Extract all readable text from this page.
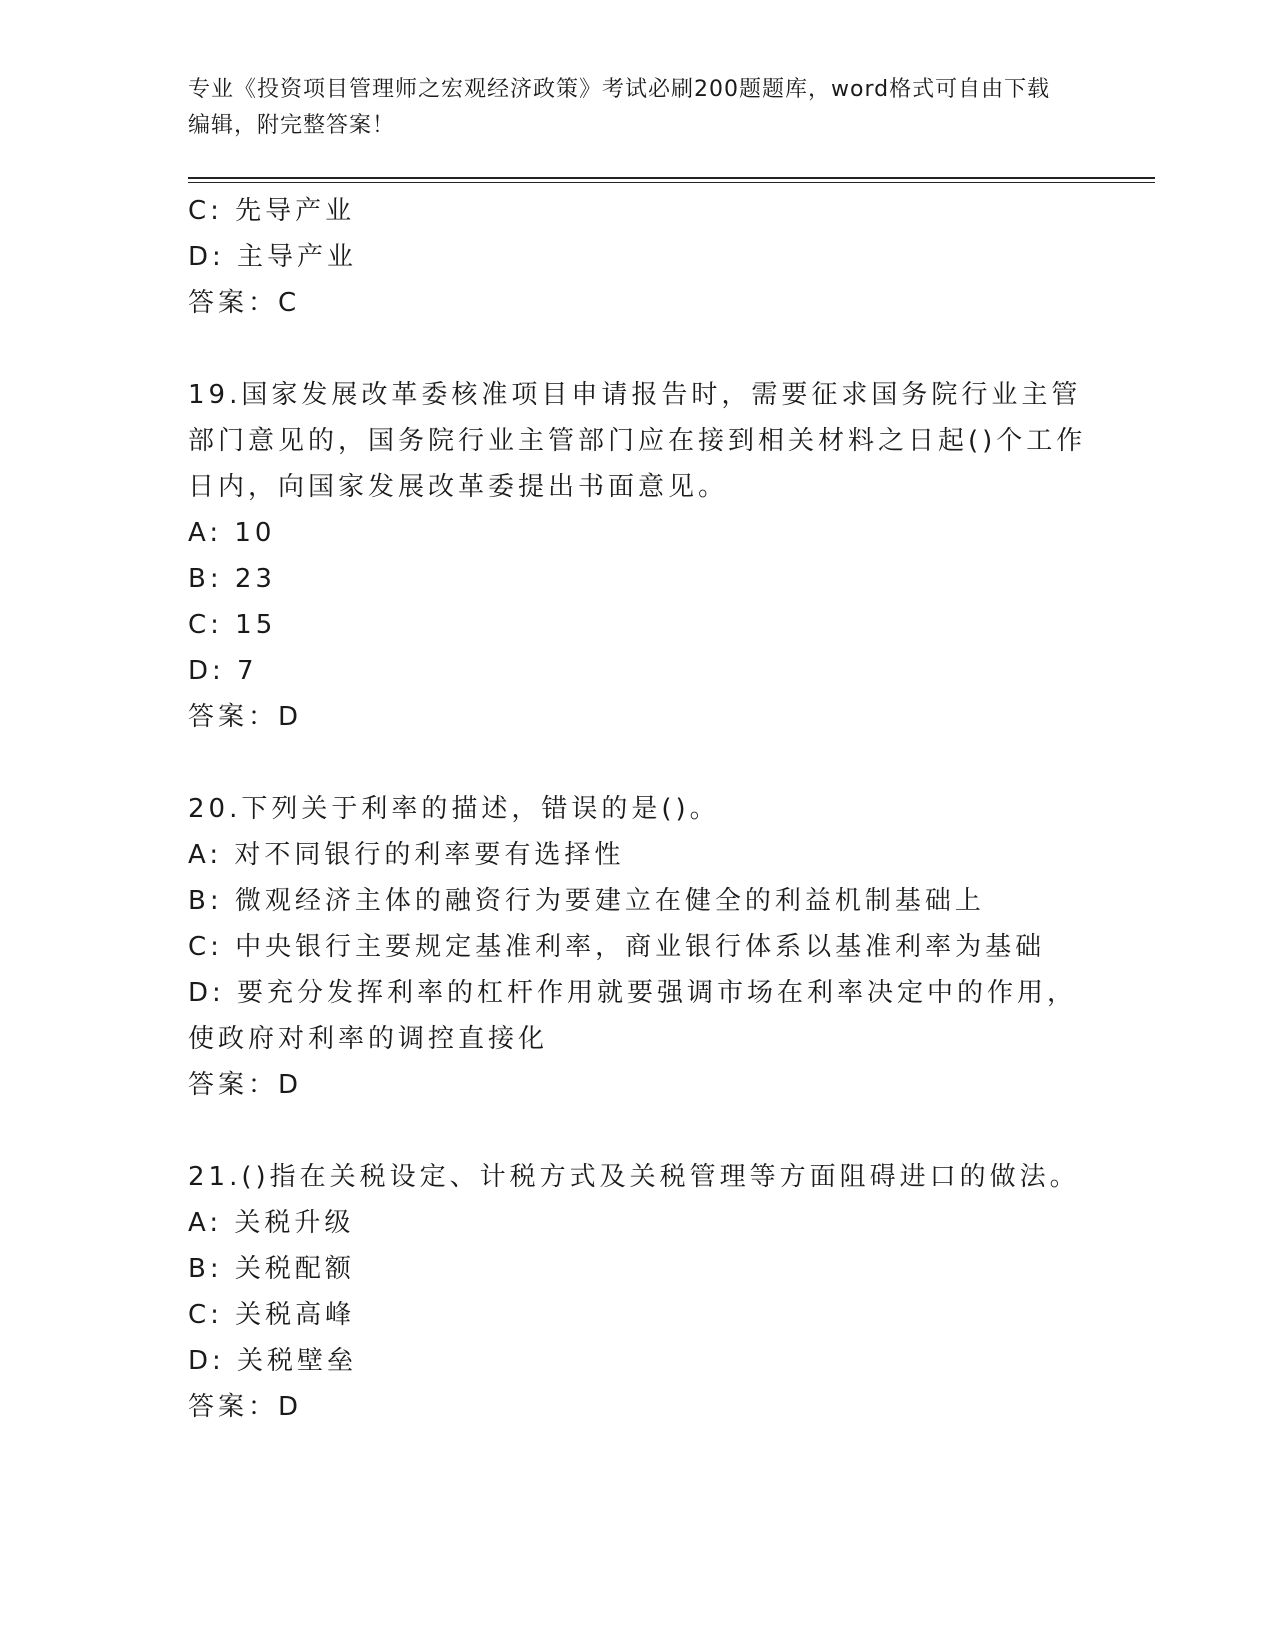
专业《投资项目管理师之宏观经济政策》考试必刷200题题库，word格式可自由下载编辑，附完整答案！
C: 先导产业
D: 主导产业
答案：C
19.国家发展改革委核准项目申请报告时，需要征求国务院行业主管部门意见的，国务院行业主管部门应在接到相关材料之日起()个工作日内，向国家发展改革委提出书面意见。
A: 10
B: 23
C: 15
D: 7
答案：D
20.下列关于利率的描述，错误的是()。
A: 对不同银行的利率要有选择性
B: 微观经济主体的融资行为要建立在健全的利益机制基础上
C: 中央银行主要规定基准利率，商业银行体系以基准利率为基础
D: 要充分发挥利率的杠杆作用就要强调市场在利率决定中的作用，使政府对利率的调控直接化
答案：D
21.()指在关税设定、计税方式及关税管理等方面阻碍进口的做法。
A: 关税升级
B: 关税配额
C: 关税高峰
D: 关税壁垒
答案：D
